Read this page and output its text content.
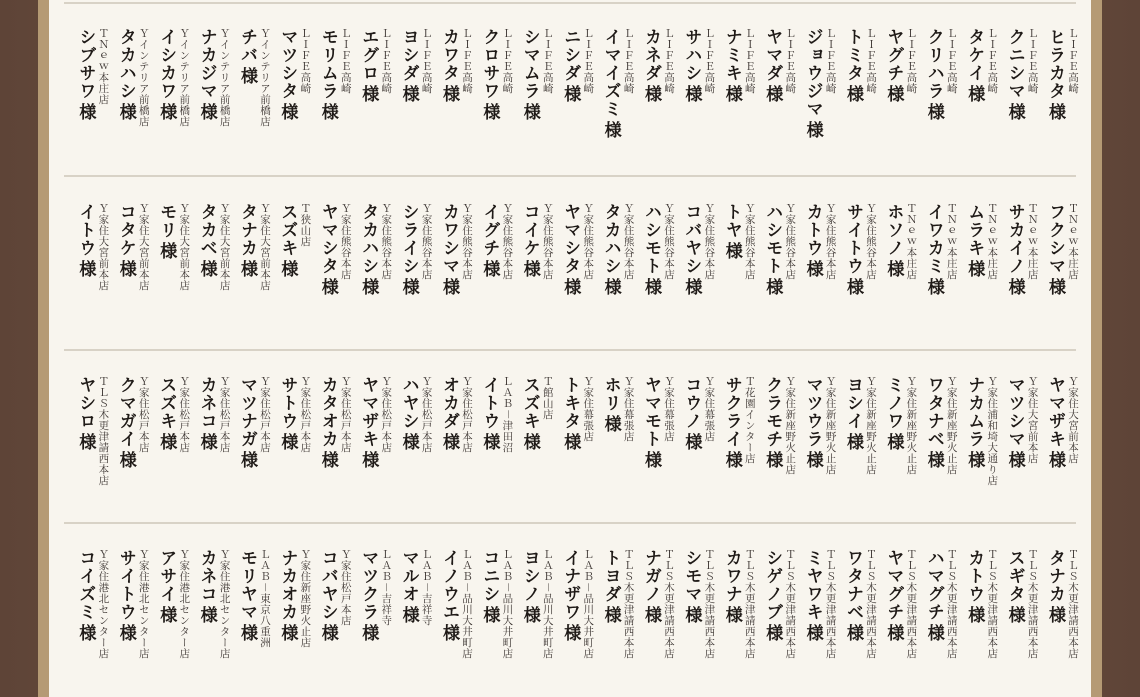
ＬＩＦＥ高崎
ヒラカタ様
ＬＩＦＥ高崎
クニシマ様
ＬＩＦＥ高崎
タケイ様
ＬＩＦＥ高崎
クリハラ様
ＬＩＦＥ高崎
ヤグチ様
ＬＩＦＥ高崎
トミタ様
ＬＩＦＥ高崎
ジョウジマ様
ＬＩＦＥ高崎
ヤマダ様
ＬＩＦＥ高崎
ナミキ様
ＬＩＦＥ高崎
サハシ様
ＬＩＦＥ高崎
カネダ様
ＬＩＦＥ高崎
イマイズミ様
ＬＩＦＥ高崎
ニシダ様
ＬＩＦＥ高崎
シマムラ様
ＬＩＦＥ高崎
クロサワ様
ＬＩＦＥ高崎
カワタ様
ＬＩＦＥ高崎
ヨシダ様
ＬＩＦＥ高崎
エグロ様
ＬＩＦＥ高崎
モリムラ様
ＬＩＦＥ高崎
マツシタ様
Ｙインテリア前橋店
チバ様
Ｙインテリア前橋店
ナカジマ様
Ｙインテリア前橋店
イシカワ様
Ｙインテリア前橋店
タカハシ様
ＴＮｅｗ本庄店
シブサワ様
ＴＮｅｗ本庄店
フクシマ様
ＴＮｅｗ本庄店
サカイノ様
ＴＮｅｗ本庄店
ムラキ様
ＴＮｅｗ本庄店
イワカミ様
ＴＮｅｗ本庄店
ホソノ様
Ｙ家住熊谷本店
サイトウ様
Ｙ家住熊谷本店
カトウ様
Ｙ家住熊谷本店
ハシモト様
Ｙ家住熊谷本店
トヤ様
Ｙ家住熊谷本店
コバヤシ様
Ｙ家住熊谷本店
ハシモト様
Ｙ家住熊谷本店
タカハシ様
Ｙ家住熊谷本店
ヤマシタ様
Ｙ家住熊谷本店
コイケ様
Ｙ家住熊谷本店
イグチ様
Ｙ家住熊谷本店
カワシマ様
Ｙ家住熊谷本店
シライシ様
Ｙ家住熊谷本店
タカハシ様
Ｙ家住熊谷本店
ヤマシタ様
Ｔ狭山店
スズキ様
Ｙ家住大宮前本店
タナカ様
Ｙ家住大宮前本店
タカベ様
Ｙ家住大宮前本店
モリ様
Ｙ家住大宮前本店
コタケ様
Ｙ家住大宮前本店
イトウ様
Ｙ家住大宮前本店
ヤマザキ様
Ｙ家住大宮前本店
マツシマ様
Ｙ家住浦和埼大通り店
ナカムラ様
Ｙ家住新座野火止店
ワタナベ様
Ｙ家住新座野火止店
ミノワ様
Ｙ家住新座野火止店
ヨシイ様
Ｙ家住新座野火止店
マツウラ様
Ｙ家住新座野火止店
クラモチ様
Ｔ花園インター店
サクライ様
Ｙ家住幕張店
コウノ様
Ｙ家住幕張店
ヤマモト様
Ｙ家住幕張店
ホリ様
Ｙ家住幕張店
トキタ様
Ｔ館山店
スズキ様
ＬＡＢ－津田沼
イトウ様
Ｙ家住松戸本店
オカダ様
Ｙ家住松戸本店
ハヤシ様
Ｙ家住松戸本店
ヤマザキ様
Ｙ家住松戸本店
カタオカ様
Ｙ家住松戸本店
サトウ様
Ｙ家住松戸本店
マツナガ様
Ｙ家住松戸本店
カネコ様
Ｙ家住松戸本店
スズキ様
Ｙ家住松戸本店
クマガイ様
ＴＬＳ木更津請西本店
ヤシロ様
ＴＬＳ木更津請西本店
タナカ様
ＴＬＳ木更津請西本店
スギタ様
ＴＬＳ木更津請西本店
カトウ様
ＴＬＳ木更津請西本店
ハマグチ様
ＴＬＳ木更津請西本店
ヤマグチ様
ＴＬＳ木更津請西本店
ワタナベ様
ＴＬＳ木更津請西本店
ミヤワキ様
ＴＬＳ木更津請西本店
シゲノブ様
ＴＬＳ木更津請西本店
カワナ様
ＴＬＳ木更津請西本店
シモマ様
ＴＬＳ木更津請西本店
ナガノ様
ＴＬＳ木更津請西本店
トヨダ様
ＬＡＢ－品川大井町店
イナザワ様
ＬＡＢ－品川大井町店
ヨシノ様
ＬＡＢ－品川大井町店
コニシ様
ＬＡＢ－品川大井町店
イノウエ様
ＬＡＢ－吉祥寺
マルオ様
ＬＡＢ－吉祥寺
マツクラ様
Ｙ家住松戸本店
コバヤシ様
Ｙ家住新座野火止店
ナカオカ様
ＬＡＢ－東京八重洲
モリヤマ様
Ｙ家住港北センター店
カネコ様
Ｙ家住港北センター店
アサイ様
Ｙ家住港北センター店
サイトウ様
Ｙ家住港北センター店
コイズミ様
